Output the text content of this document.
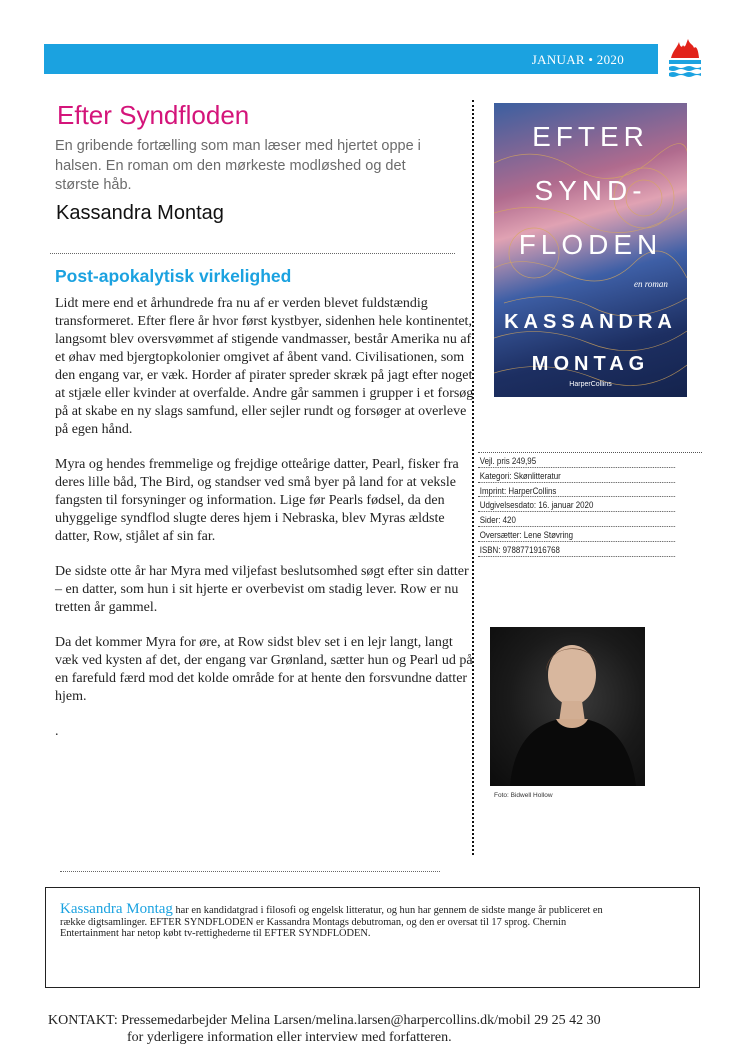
JANUAR • 2020
Efter Syndfloden
En gribende fortælling som man læser med hjertet oppe i halsen. En roman om den mørkeste modløshed og det største håb.
Kassandra Montag
Post-apokalytisk virkelighed

Lidt mere end et århundrede fra nu af er verden blevet fuldstændig transformeret. Efter flere år hvor først kystbyer, sidenhen hele kontinentet, langsomt blev oversvømmet af stigende vandmasser, består Amerika nu af et øhav med bjergtopkolonier omgivet af åbent vand. Civilisationen, som den engang var, er væk. Horder af pirater spreder skræk på jagt efter noget at stjæle eller kvinder at overfalde. Andre går sammen i grupper i et forsøg på at skabe en ny slags samfund, eller sejler rundt og forsøger at overleve på egen hånd.

Myra og hendes fremmelige og frejdige otteårige datter, Pearl, fisker fra deres lille båd, The Bird, og standser ved små byer på land for at veksle fangsten til forsyninger og information. Lige før Pearls fødsel, da den uhyggelige syndflod slugte deres hjem i Nebraska, blev Myras ældste datter, Row, stjålet af sin far.

De sidste otte år har Myra med viljefast beslutsomhed søgt efter sin datter – en datter, som hun i sit hjerte er overbevist om stadig lever. Row er nu tretten år gammel.

Da det kommer Myra for øre, at Row sidst blev set i en lejr langt, langt væk ved kysten af det, der engang var Grønland, sætter hun og Pearl ud på en farefuld færd mod det kolde område for at hente den forsvundne datter hjem.

.

EFTER
SYND-
FLODEN
en roman
KASSANDRA
MONTAG
HarperCollins
Vejl. pris 249,95
Kategori: Skønlitteratur
Imprint: HarperCollins
Udgivelsesdato: 16. januar 2020
Sider: 420
Oversætter: Lene Støvring
ISBN: 9788771916768
Foto: Bidwell Hollow
Kassandra Montag har en kandidatgrad i filosofi og engelsk litteratur, og hun har gennem de sidste mange år publiceret en række digtsamlinger. EFTER SYNDFLODEN er Kassandra Montags debutroman, og den er oversat til 17 sprog. Chernin Entertainment har netop købt tv-rettighederne til EFTER SYNDFLODEN.
KONTAKT: Pressemedarbejder Melina Larsen/melina.larsen@harpercollins.dk/mobil 29 25 42 30
for yderligere information eller interview med forfatteren.
